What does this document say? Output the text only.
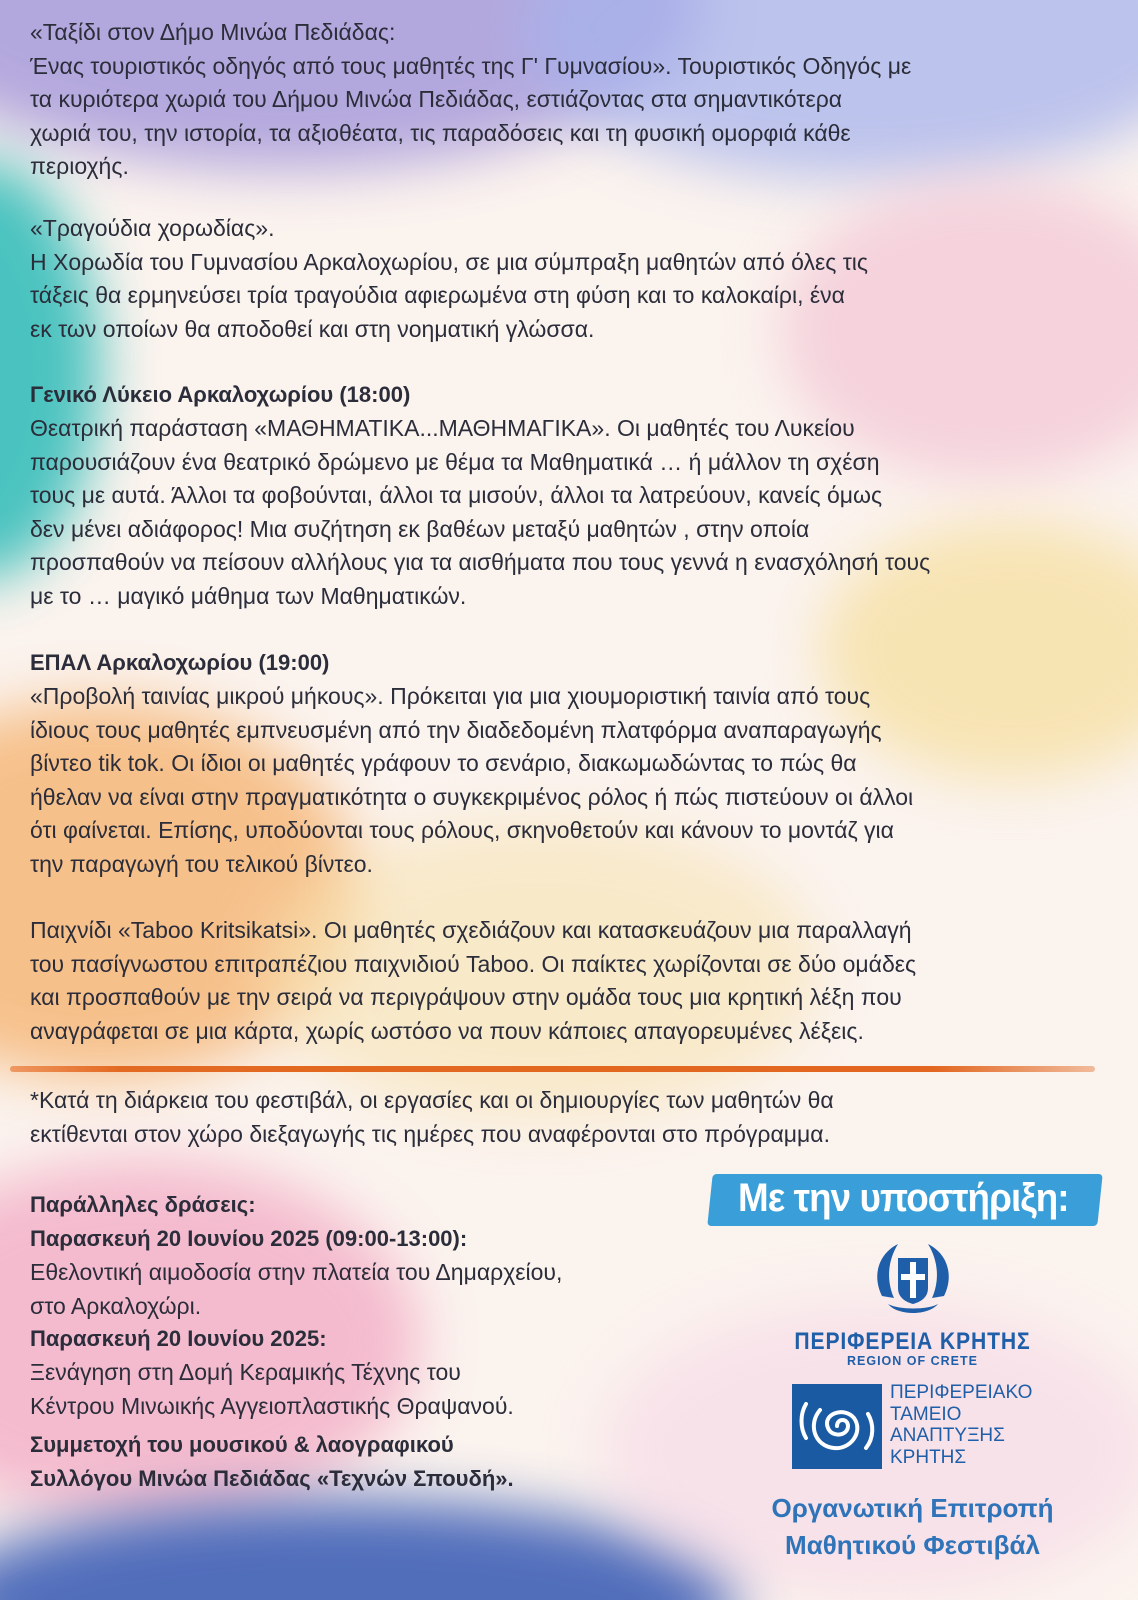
«Ταξίδι στον Δήμο Μινώα Πεδιάδας:
Ένας τουριστικός οδηγός από τους μαθητές της Γ' Γυμνασίου». Τουριστικός Οδηγός με
τα κυριότερα χωριά του Δήμου Μινώα Πεδιάδας, εστιάζοντας στα σημαντικότερα
χωριά του, την ιστορία, τα αξιοθέατα, τις παραδόσεις και τη φυσική ομορφιά κάθε
περιοχής.

«Τραγούδια χορωδίας».
Η Χορωδία του Γυμνασίου Αρκαλοχωρίου, σε μια σύμπραξη μαθητών από όλες τις
τάξεις θα ερμηνεύσει τρία τραγούδια αφιερωμένα στη φύση και το καλοκαίρι, ένα
εκ των οποίων θα αποδοθεί και στη νοηματική γλώσσα.

Γενικό Λύκειο Αρκαλοχωρίου (18:00)

Θεατρική παράσταση «ΜΑΘΗΜΑΤΙΚΑ...ΜΑΘΗΜΑΓΙΚΑ». Οι μαθητές του Λυκείου
παρουσιάζουν ένα θεατρικό δρώμενο με θέμα τα Μαθηματικά … ή μάλλον τη σχέση
τους με αυτά. Άλλοι τα φοβούνται, άλλοι τα μισούν, άλλοι τα λατρεύουν, κανείς όμως
δεν μένει αδιάφορος! Μια συζήτηση εκ βαθέων μεταξύ μαθητών , στην οποία
προσπαθούν να πείσουν αλλήλους για τα αισθήματα που τους γεννά η ενασχόλησή τους
με το … μαγικό μάθημα των Μαθηματικών.

ΕΠΑΛ Αρκαλοχωρίου (19:00)

«Προβολή ταινίας μικρού μήκους». Πρόκειται για μια χιουμοριστική ταινία από τους
ίδιους τους μαθητές εμπνευσμένη από την διαδεδομένη πλατφόρμα αναπαραγωγής
βίντεο tik tok. Οι ίδιοι οι μαθητές γράφουν το σενάριο, διακωμωδώντας το πώς θα
ήθελαν να είναι στην πραγματικότητα ο συγκεκριμένος ρόλος ή πώς πιστεύουν οι άλλοι
ότι φαίνεται. Επίσης, υποδύονται τους ρόλους, σκηνοθετούν και κάνουν το μοντάζ για
την παραγωγή του τελικού βίντεο.

Παιχνίδι «Taboo Kritsikatsi». Οι μαθητές σχεδιάζουν και κατασκευάζουν μια παραλλαγή
του πασίγνωστου επιτραπέζιου παιχνιδιού Taboo. Οι παίκτες χωρίζονται σε δύο ομάδες
και προσπαθούν με την σειρά να περιγράψουν στην ομάδα τους μια κρητική λέξη που
αναγράφεται σε μια κάρτα, χωρίς ωστόσο να πουν κάποιες απαγορευμένες λέξεις.

*Κατά τη διάρκεια του φεστιβάλ, οι εργασίες και οι δημιουργίες των μαθητών θα
εκτίθενται στον χώρο διεξαγωγής τις ημέρες που αναφέρονται στο πρόγραμμα.

Παράλληλες δράσεις:

Παρασκευή 20 Ιουνίου 2025 (09:00-13:00):

Εθελοντική αιμοδοσία στην πλατεία του Δημαρχείου,
στο Αρκαλοχώρι.

Παρασκευή 20 Ιουνίου 2025:

Ξενάγηση στη Δομή Κεραμικής Τέχνης του
Κέντρου Μινωικής Αγγειοπλαστικής Θραψανού.

Συμμετοχή του μουσικού & λαογραφικού
Συλλόγου Μινώα Πεδιάδας «Τεχνών Σπουδή».

Με την υποστήριξη:
ΠΕΡΙΦΕΡΕΙΑ ΚΡΗΤΗΣ
REGION OF CRETE
ΠΕΡΙΦΕΡΕΙΑΚΟ
ΤΑΜΕΙΟ
ΑΝΑΠΤΥΞΗΣ
ΚΡΗΤΗΣ
Οργανωτική Επιτροπή
Μαθητικού Φεστιβάλ
